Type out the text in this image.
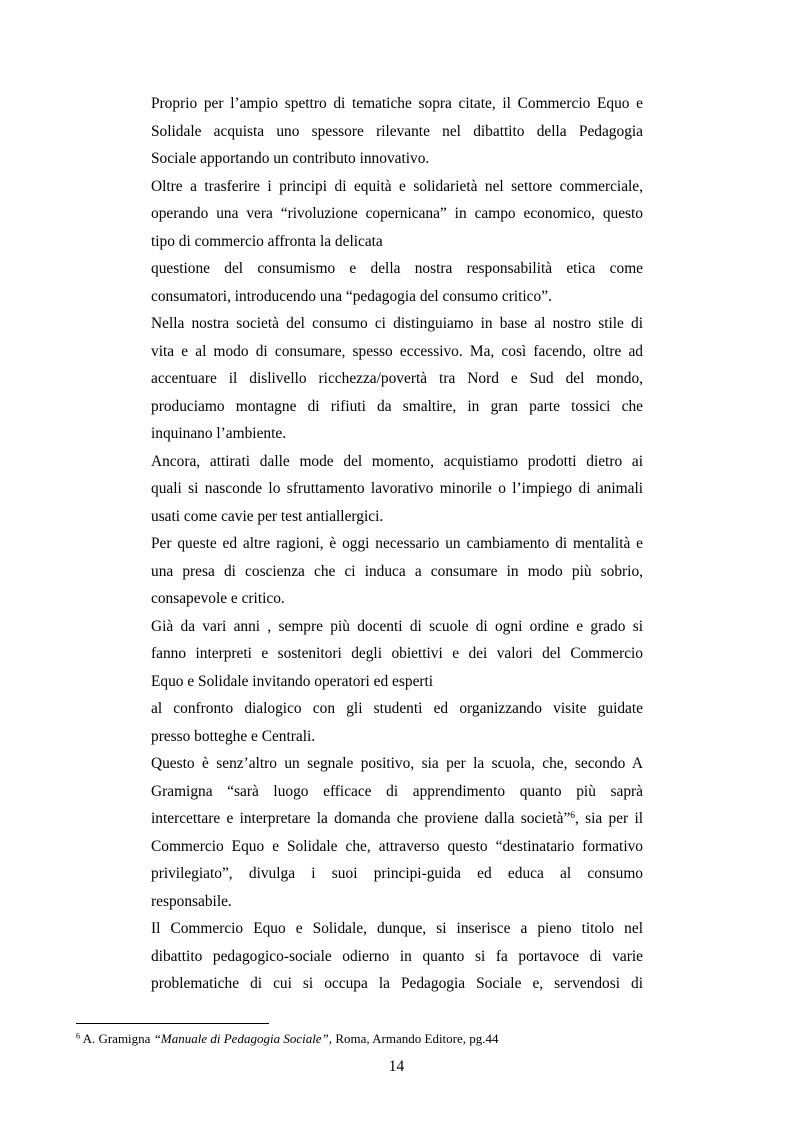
Proprio per l’ampio spettro di tematiche sopra citate, il Commercio Equo e
Solidale acquista uno spessore rilevante nel dibattito della Pedagogia
Sociale apportando un contributo innovativo.
Oltre a trasferire i principi di equità e solidarietà nel settore commerciale,
operando una vera “rivoluzione copernicana” in campo economico, questo
tipo di commercio affronta la delicata
questione del consumismo e della nostra responsabilità etica come
consumatori, introducendo una “pedagogia del consumo critico”.
Nella nostra società del consumo ci distinguiamo in base al nostro stile di
vita e al modo di consumare, spesso eccessivo. Ma, così facendo, oltre ad
accentuare il dislivello ricchezza/povertà tra Nord e Sud del mondo,
produciamo montagne di rifiuti da smaltire, in gran parte tossici che
inquinano l’ambiente.
Ancora, attirati dalle mode del momento, acquistiamo prodotti dietro ai
quali si nasconde lo sfruttamento lavorativo minorile o l’impiego di animali
usati come cavie per test antiallergici.
Per queste ed altre ragioni, è oggi necessario un cambiamento di mentalità e
una presa di coscienza che ci induca a consumare in modo più sobrio,
consapevole e critico.
Già da vari anni , sempre più docenti di scuole di ogni ordine e grado si
fanno interpreti e sostenitori degli obiettivi e dei valori del Commercio
Equo e Solidale invitando operatori ed esperti
al confronto dialogico con gli studenti ed organizzando visite guidate
presso botteghe e Centrali.
Questo è senz’altro un segnale positivo, sia per la scuola, che, secondo A
Gramigna “sarà luogo efficace di apprendimento quanto più saprà
intercettare e interpretare la domanda che proviene dalla società”$^6$, sia per il
Commercio Equo e Solidale che, attraverso questo “destinatario formativo
privilegiato”, divulga i suoi principi-guida ed educa al consumo
responsabile.
Il Commercio Equo e Solidale, dunque, si inserisce a pieno titolo nel
dibattito pedagogico-sociale odierno in quanto si fa portavoce di varie
problematiche di cui si occupa la Pedagogia Sociale e, servendosi di
$^6$ A. Gramigna “Manuale di Pedagogia Sociale”, Roma, Armando Editore, pg.44
14
